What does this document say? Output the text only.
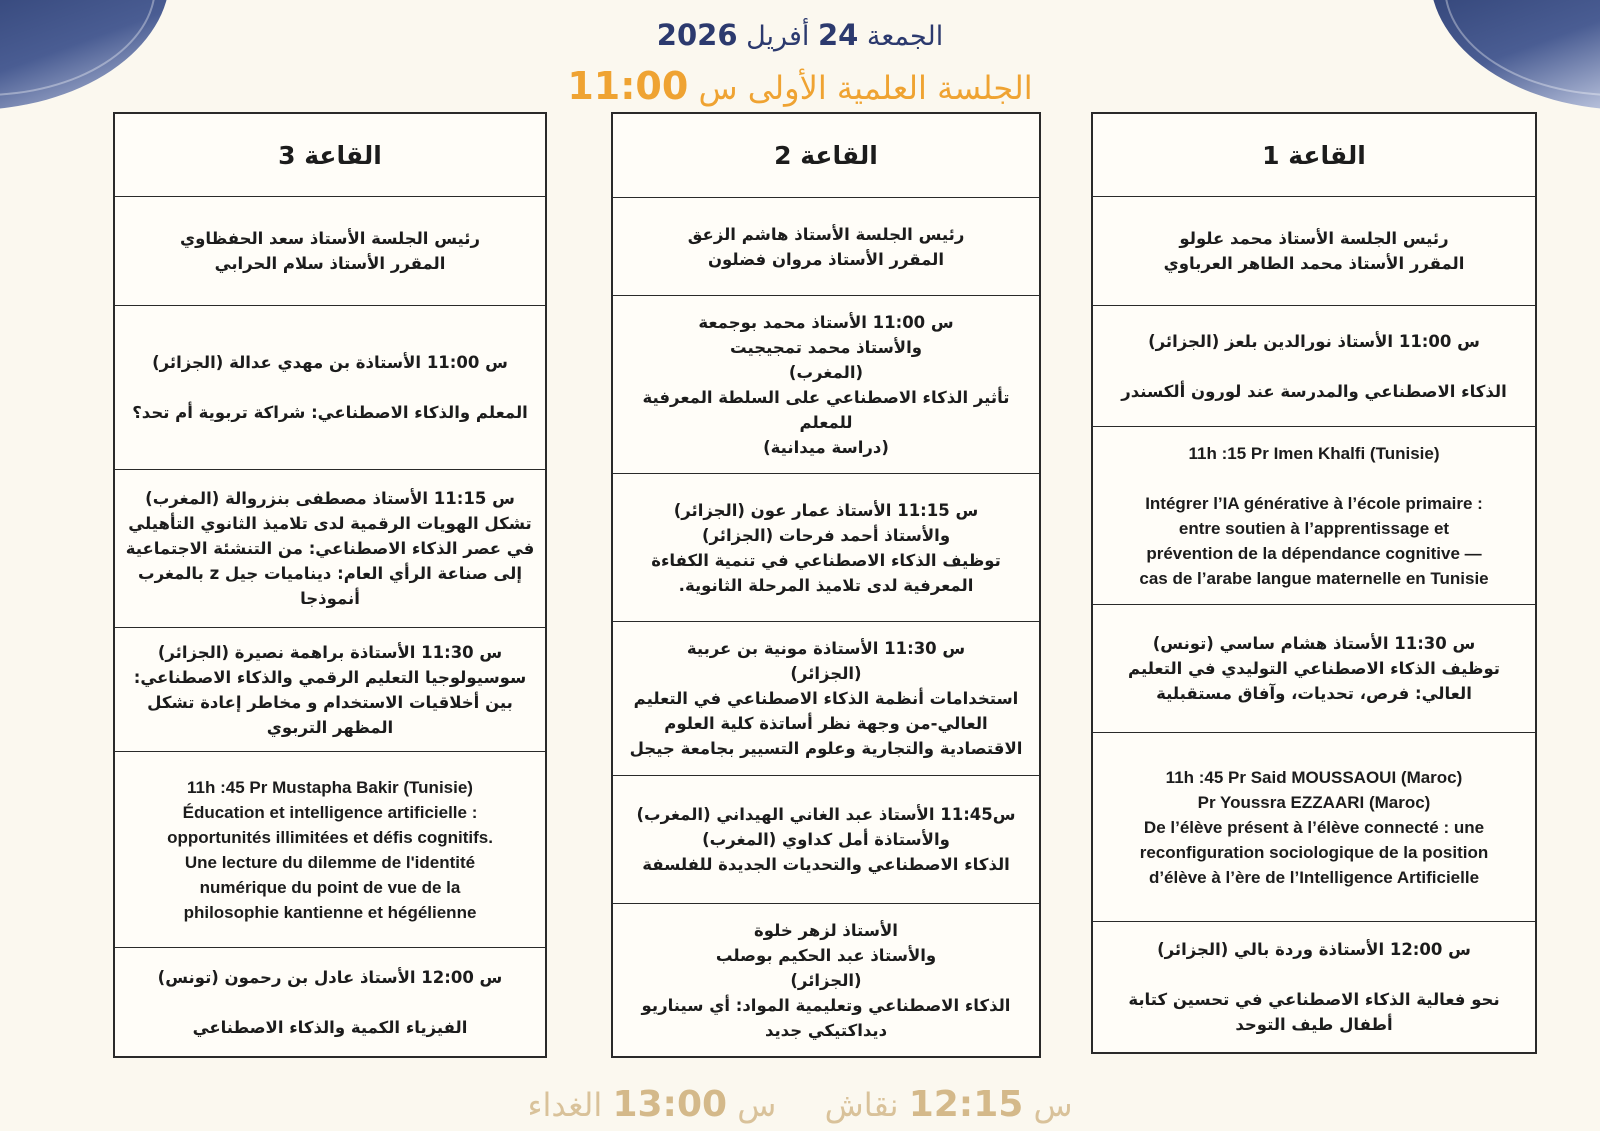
الجمعة 24 أفريل 2026
الجلسة العلمية الأولى س 11:00
القاعة 1
رئيس الجلسة الأستاذ محمد علولو
المقرر الأستاذ محمد الطاهر العرباوي
س 11:00 الأستاذ نورالدين بلعز (الجزائر)
الذكاء الاصطناعي والمدرسة عند لورون ألكسندر
11h :15 Pr Imen Khalfi (Tunisie)
Intégrer l’IA générative à l’école primaire :
entre soutien à l’apprentissage et
prévention de la dépendance cognitive —
cas de l’arabe langue maternelle en Tunisie
س 11:30 الأستاذ هشام ساسي (تونس)
توظيف الذكاء الاصطناعي التوليدي في التعليم
العالي: فرص، تحديات، وآفاق مستقبلية
11h :45 Pr Said MOUSSAOUI (Maroc)
Pr Youssra EZZAARI (Maroc)
De l’élève présent à l’élève connecté : une
reconfiguration sociologique de la position
d’élève à l’ère de l’Intelligence Artificielle
س 12:00 الأستاذة وردة بالي (الجزائر)
نحو فعالية الذكاء الاصطناعي في تحسين كتابة
أطفال طيف التوحد
القاعة 2
رئيس الجلسة الأستاذ هاشم الزعق
المقرر الأستاذ مروان فضلون
س 11:00 الأستاذ محمد بوجمعة
والأستاذ محمد تمجيجيت
(المغرب)
تأثير الذكاء الاصطناعي على السلطة المعرفية
للمعلم
(دراسة ميدانية)
س 11:15 الأستاذ عمار عون (الجزائر)
والأستاذ أحمد فرحات (الجزائر)
توظيف الذكاء الاصطناعي في تنمية الكفاءة
المعرفية لدى تلاميذ المرحلة الثانوية.
س 11:30 الأستاذة مونية بن عربية
(الجزائر)
استخدامات أنظمة الذكاء الاصطناعي في التعليم
العالي-من وجهة نظر أساتذة كلية العلوم
الاقتصادية والتجارية وعلوم التسيير بجامعة جيجل
س11:45 الأستاذ عبد الغاني الهيداني (المغرب)
والأستاذة أمل كداوي (المغرب)
الذكاء الاصطناعي والتحديات الجديدة للفلسفة
الأستاذ لزهر خلوة
والأستاذ عبد الحكيم بوصلب
(الجزائر)
الذكاء الاصطناعي وتعليمية المواد: أي سيناريو
ديداكتيكي جديد
القاعة 3
رئيس الجلسة الأستاذ سعد الحفظاوي
المقرر الأستاذ سلام الحرابي
س 11:00 الأستاذة بن مهدي عدالة (الجزائر)
المعلم والذكاء الاصطناعي: شراكة تربوية أم تحد؟
س 11:15 الأستاذ مصطفى بنزروالة (المغرب)
تشكل الهويات الرقمية لدى تلاميذ الثانوي التأهيلي
في عصر الذكاء الاصطناعي: من التنشئة الاجتماعية
إلى صناعة الرأي العام: ديناميات جيل z بالمغرب
أنموذجا
س 11:30 الأستاذة براهمة نصيرة (الجزائر)
سوسيولوجيا التعليم الرقمي والذكاء الاصطناعي:
بين أخلاقيات الاستخدام و مخاطر إعادة تشكل
المظهر التربوي
11h :45 Pr Mustapha Bakir (Tunisie)
Éducation et intelligence artificielle :
opportunités illimitées et défis cognitifs.
Une lecture du dilemme de l'identité
numérique du point de vue de la
philosophie kantienne et hégélienne
س 12:00 الأستاذ عادل بن رحمون (تونس)
الفيزياء الكمية والذكاء الاصطناعي
س 12:15 نقاش  س 13:00 الغداء
